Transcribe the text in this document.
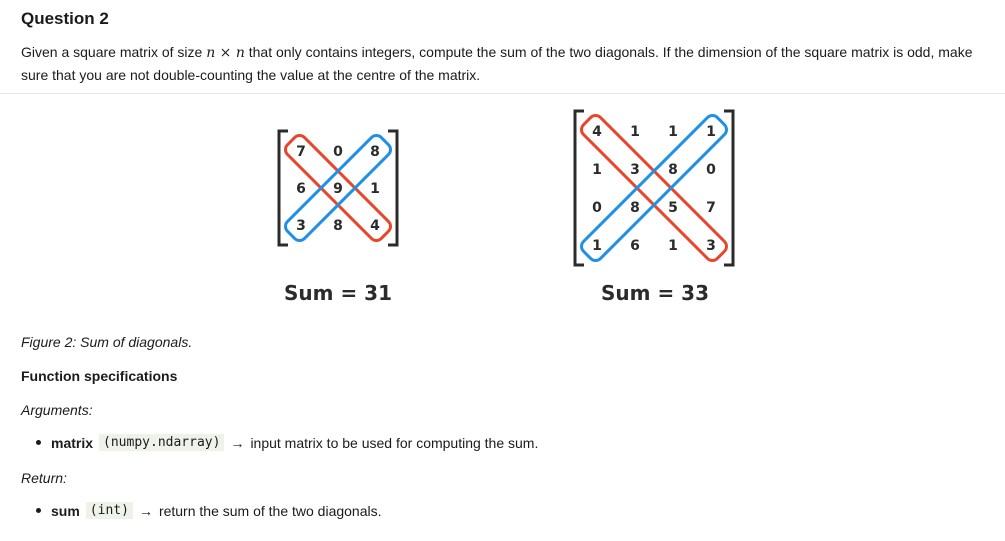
Question 2
Given a square matrix of size n × n that only contains integers, compute the sum of the two diagonals. If the dimension of the square matrix is odd, make sure that you are not double-counting the value at the centre of the matrix.
7 0 8
6 9 1
3 8 4
4 1 1 1
1 3 8 0
0 8 5 7
1 6 1 3
Sum = 31	Sum = 33
Figure 2: Sum of diagonals.
Function specifications
Arguments:
matrix (numpy.ndarray) → input matrix to be used for computing the sum.
Return:
sum (int) → return the sum of the two diagonals.
